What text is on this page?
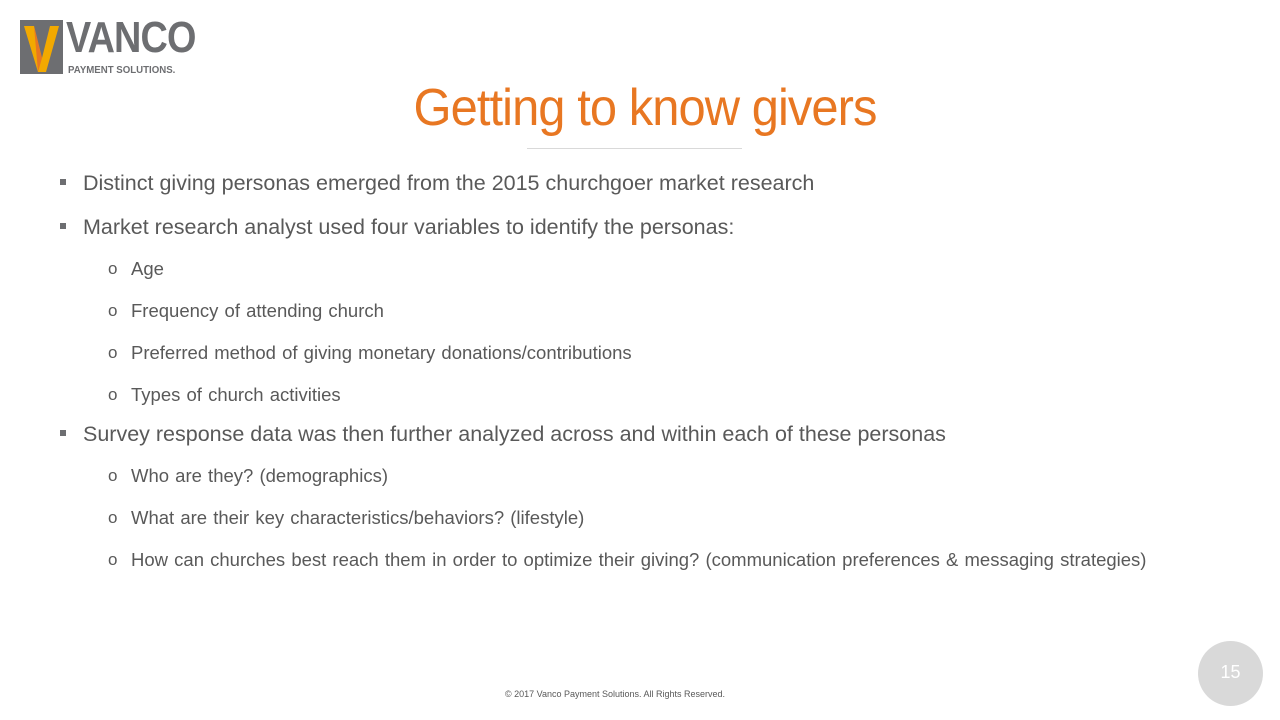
VANCO
PAYMENT SOLUTIONS.
Getting to know givers
Distinct giving personas emerged from the 2015 churchgoer market research
Market research analyst used four variables to identify the personas:
o Age
o Frequency of attending church
o Preferred method of giving monetary donations/contributions
o Types of church activities
Survey response data was then further analyzed across and within each of these personas
o Who are they? (demographics)
o What are their key characteristics/behaviors? (lifestyle)
o How can churches best reach them in order to optimize their giving? (communication preferences & messaging strategies)
© 2017 Vanco Payment Solutions. All Rights Reserved.
15
